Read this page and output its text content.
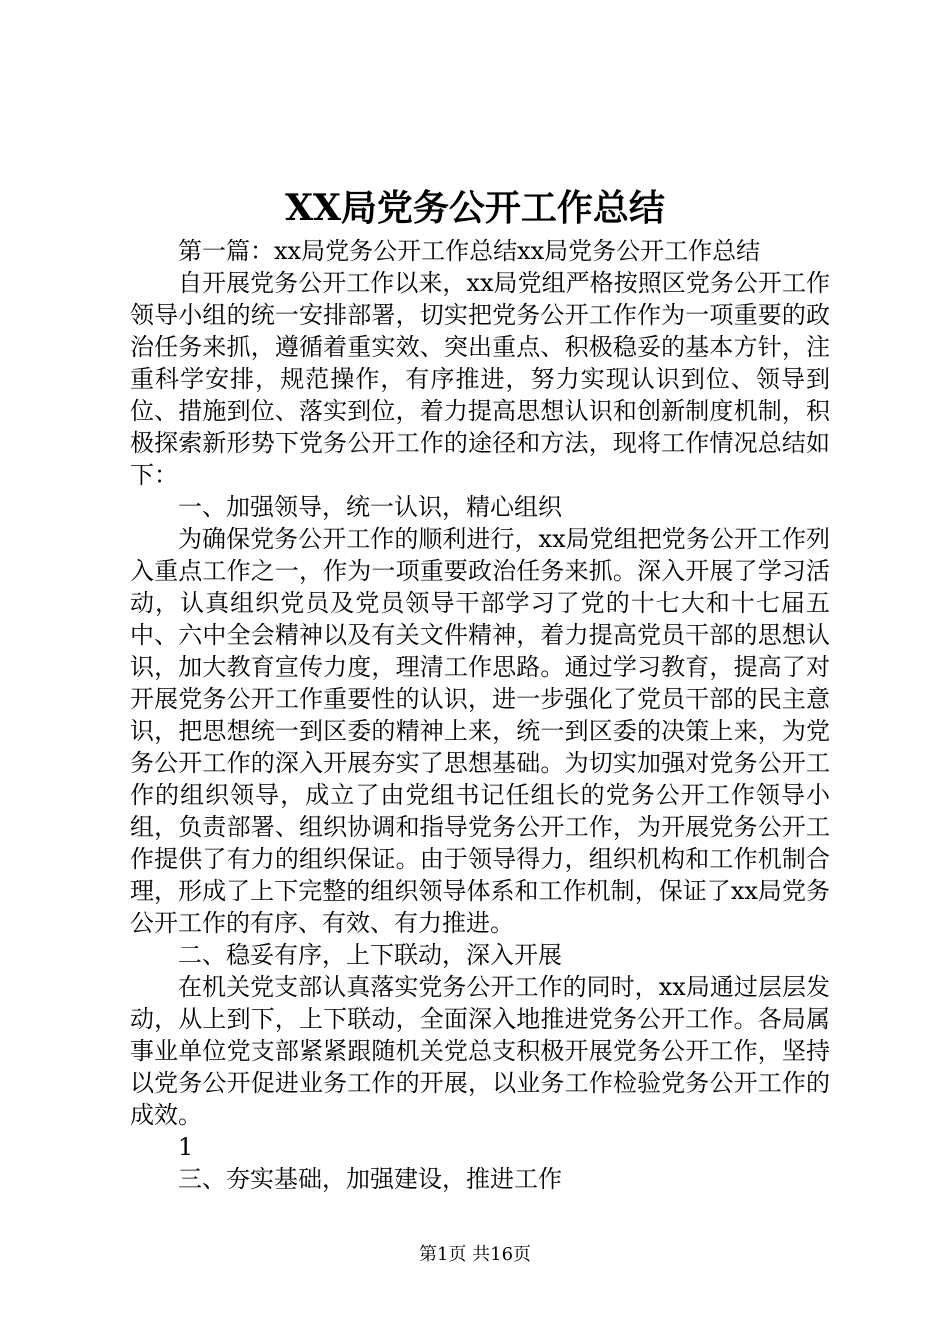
XX局党务公开工作总结

第一篇：xx局党务公开工作总结xx局党务公开工作总结

自开展党务公开工作以来，xx局党组严格按照区党务公开工作领导小组的统一安排部署，切实把党务公开工作作为一项重要的政治任务来抓，遵循着重实效、突出重点、积极稳妥的基本方针，注重科学安排，规范操作，有序推进，努力实现认识到位、领导到位、措施到位、落实到位，着力提高思想认识和创新制度机制，积极探索新形势下党务公开工作的途径和方法，现将工作情况总结如下：

一、加强领导，统一认识，精心组织

为确保党务公开工作的顺利进行，xx局党组把党务公开工作列入重点工作之一，作为一项重要政治任务来抓。深入开展了学习活动，认真组织党员及党员领导干部学习了党的十七大和十七届五中、六中全会精神以及有关文件精神，着力提高党员干部的思想认识，加大教育宣传力度，理清工作思路。通过学习教育，提高了对开展党务公开工作重要性的认识，进一步强化了党员干部的民主意识，把思想统一到区委的精神上来，统一到区委的决策上来，为党务公开工作的深入开展夯实了思想基础。为切实加强对党务公开工作的组织领导，成立了由党组书记任组长的党务公开工作领导小组，负责部署、组织协调和指导党务公开工作，为开展党务公开工作提供了有力的组织保证。由于领导得力，组织机构和工作机制合理，形成了上下完整的组织领导体系和工作机制，保证了xx局党务公开工作的有序、有效、有力推进。

二、稳妥有序，上下联动，深入开展

在机关党支部认真落实党务公开工作的同时，xx局通过层层发动，从上到下，上下联动，全面深入地推进党务公开工作。各局属事业单位党支部紧紧跟随机关党总支积极开展党务公开工作，坚持以党务公开促进业务工作的开展，以业务工作检验党务公开工作的成效。

1

三、夯实基础，加强建设，推进工作

第1页 共16页
